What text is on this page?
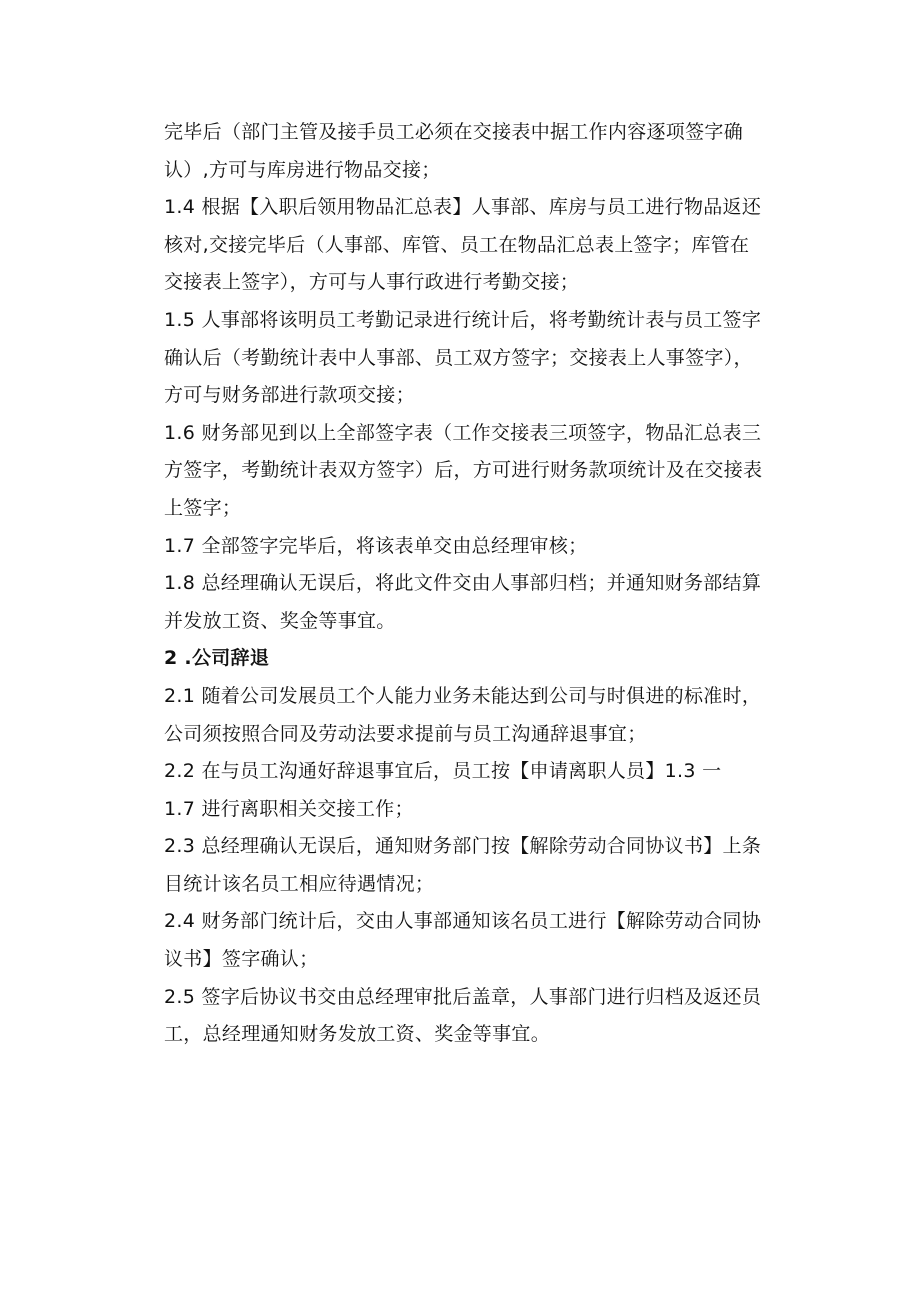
完毕后（部门主管及接手员工必须在交接表中据工作内容逐项签字确
认）,方可与库房进行物品交接；
1.4 根据【入职后领用物品汇总表】人事部、库房与员工进行物品返还
核对,交接完毕后（人事部、库管、员工在物品汇总表上签字；库管在
交接表上签字），方可与人事行政进行考勤交接；
1.5 人事部将该明员工考勤记录进行统计后，将考勤统计表与员工签字
确认后（考勤统计表中人事部、员工双方签字；交接表上人事签字），
方可与财务部进行款项交接；
1.6 财务部见到以上全部签字表（工作交接表三项签字，物品汇总表三
方签字，考勤统计表双方签字）后，方可进行财务款项统计及在交接表
上签字；
1.7 全部签字完毕后，将该表单交由总经理审核；
1.8 总经理确认无误后，将此文件交由人事部归档；并通知财务部结算
并发放工资、奖金等事宜。
2 .公司辞退
2.1 随着公司发展员工个人能力业务未能达到公司与时俱进的标准时，
公司须按照合同及劳动法要求提前与员工沟通辞退事宜；
2.2 在与员工沟通好辞退事宜后，员工按【申请离职人员】1.3 一
1.7 进行离职相关交接工作；
2.3 总经理确认无误后，通知财务部门按【解除劳动合同协议书】上条
目统计该名员工相应待遇情况；
2.4 财务部门统计后，交由人事部通知该名员工进行【解除劳动合同协
议书】签字确认；
2.5 签字后协议书交由总经理审批后盖章，人事部门进行归档及返还员
工，总经理通知财务发放工资、奖金等事宜。
